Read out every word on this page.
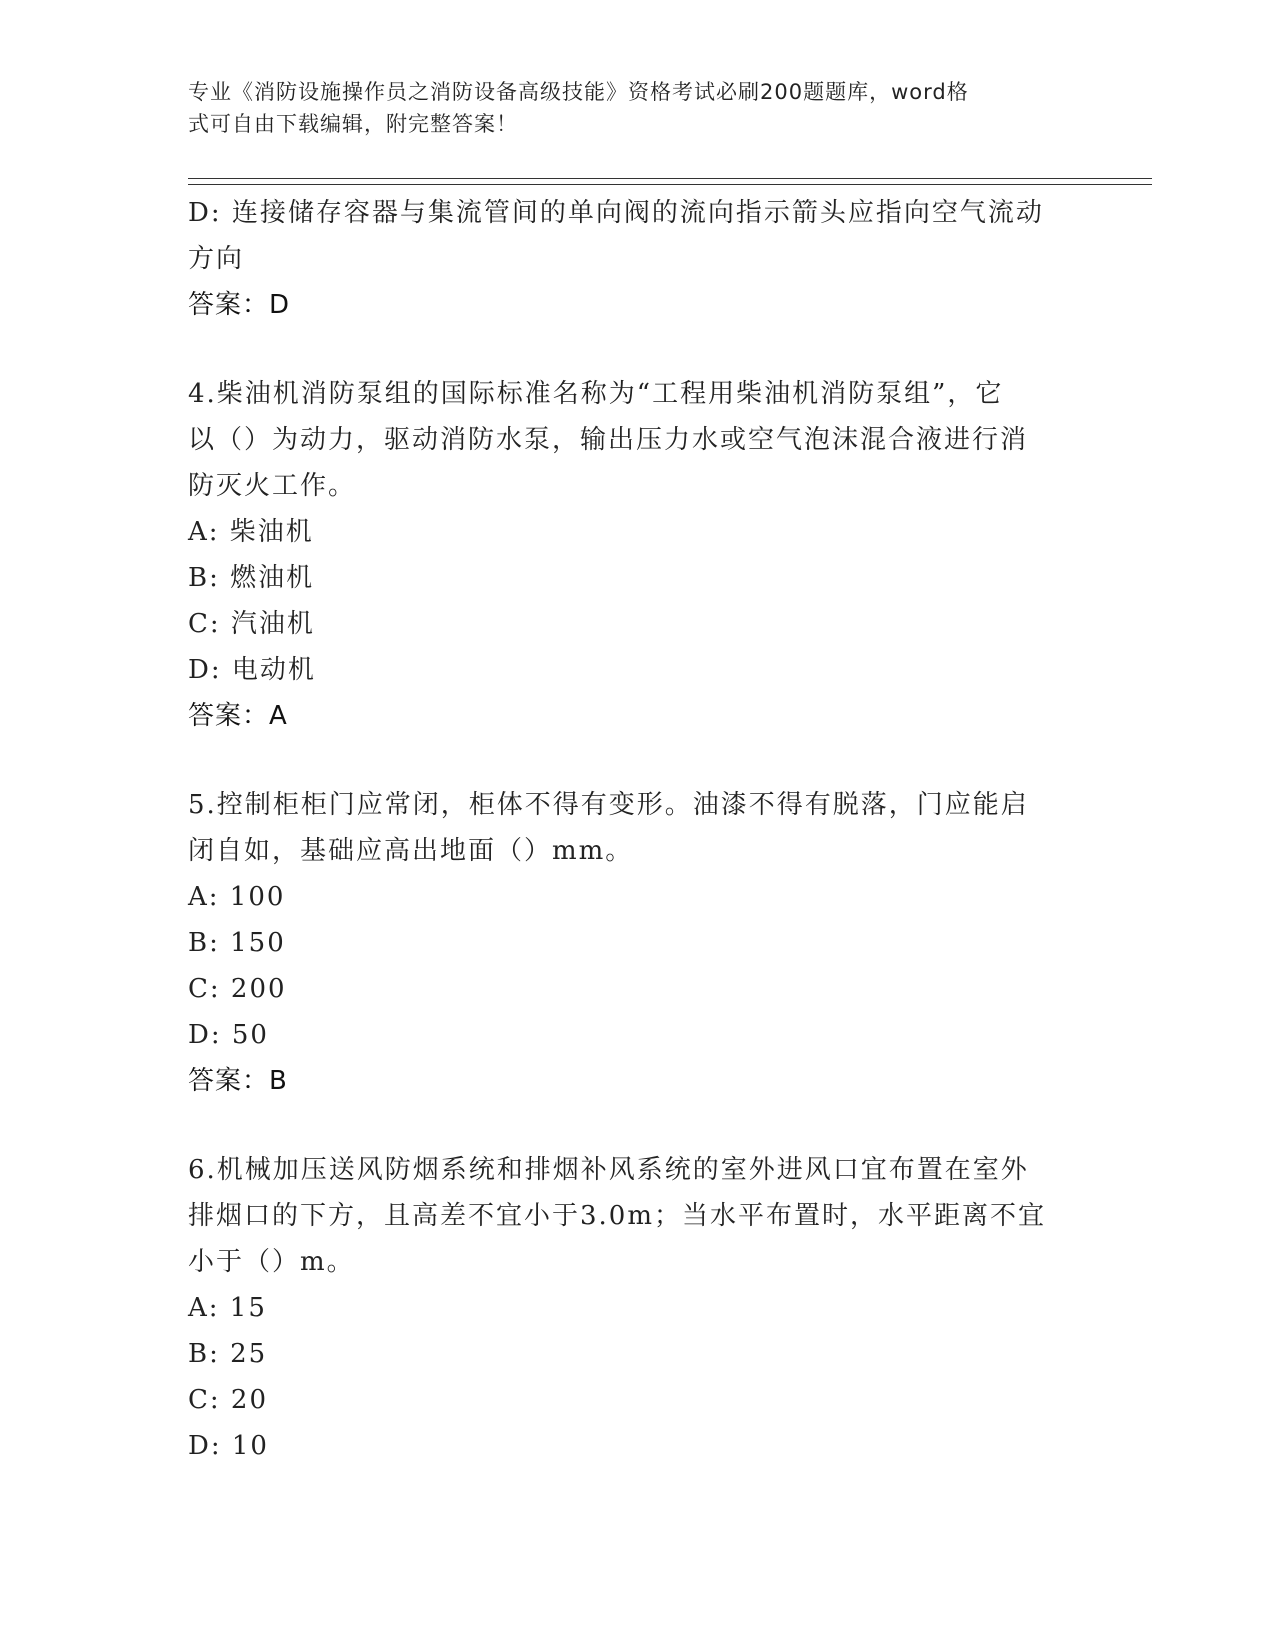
专业《消防设施操作员之消防设备高级技能》资格考试必刷200题题库，word格
式可自由下载编辑，附完整答案！
D: 连接储存容器与集流管间的单向阀的流向指示箭头应指向空气流动
方向
答案：D
4.柴油机消防泵组的国际标准名称为“工程用柴油机消防泵组”，它
以（）为动力，驱动消防水泵，输出压力水或空气泡沫混合液进行消
防灭火工作。
A: 柴油机
B: 燃油机
C: 汽油机
D: 电动机
答案：A
5.控制柜柜门应常闭，柜体不得有变形。油漆不得有脱落，门应能启
闭自如，基础应高出地面（）mm。
A: 100
B: 150
C: 200
D: 50
答案：B
6.机械加压送风防烟系统和排烟补风系统的室外进风口宜布置在室外
排烟口的下方，且高差不宜小于3.0m；当水平布置时，水平距离不宜
小于（）m。
A: 15
B: 25
C: 20
D: 10
